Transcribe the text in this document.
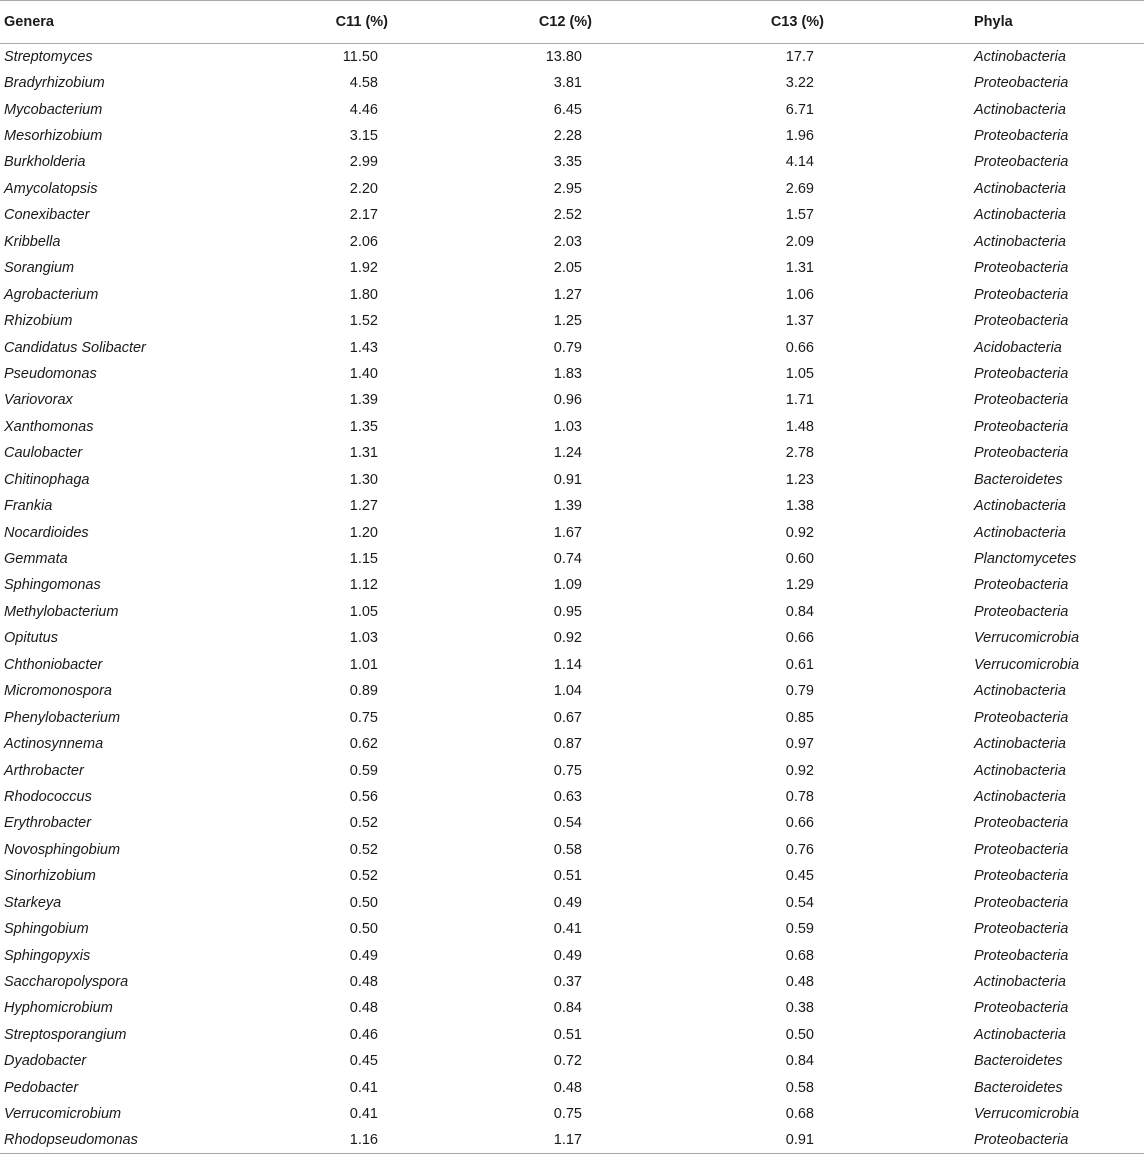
Genera	C11 (%)	C12 (%)	C13 (%)	Phyla
Streptomyces	11.50	13.80	17.7	Actinobacteria
Bradyrhizobium	4.58	3.81	3.22	Proteobacteria
Mycobacterium	4.46	6.45	6.71	Actinobacteria
Mesorhizobium	3.15	2.28	1.96	Proteobacteria
Burkholderia	2.99	3.35	4.14	Proteobacteria
Amycolatopsis	2.20	2.95	2.69	Actinobacteria
Conexibacter	2.17	2.52	1.57	Actinobacteria
Kribbella	2.06	2.03	2.09	Actinobacteria
Sorangium	1.92	2.05	1.31	Proteobacteria
Agrobacterium	1.80	1.27	1.06	Proteobacteria
Rhizobium	1.52	1.25	1.37	Proteobacteria
Candidatus Solibacter	1.43	0.79	0.66	Acidobacteria
Pseudomonas	1.40	1.83	1.05	Proteobacteria
Variovorax	1.39	0.96	1.71	Proteobacteria
Xanthomonas	1.35	1.03	1.48	Proteobacteria
Caulobacter	1.31	1.24	2.78	Proteobacteria
Chitinophaga	1.30	0.91	1.23	Bacteroidetes
Frankia	1.27	1.39	1.38	Actinobacteria
Nocardioides	1.20	1.67	0.92	Actinobacteria
Gemmata	1.15	0.74	0.60	Planctomycetes
Sphingomonas	1.12	1.09	1.29	Proteobacteria
Methylobacterium	1.05	0.95	0.84	Proteobacteria
Opitutus	1.03	0.92	0.66	Verrucomicrobia
Chthoniobacter	1.01	1.14	0.61	Verrucomicrobia
Micromonospora	0.89	1.04	0.79	Actinobacteria
Phenylobacterium	0.75	0.67	0.85	Proteobacteria
Actinosynnema	0.62	0.87	0.97	Actinobacteria
Arthrobacter	0.59	0.75	0.92	Actinobacteria
Rhodococcus	0.56	0.63	0.78	Actinobacteria
Erythrobacter	0.52	0.54	0.66	Proteobacteria
Novosphingobium	0.52	0.58	0.76	Proteobacteria
Sinorhizobium	0.52	0.51	0.45	Proteobacteria
Starkeya	0.50	0.49	0.54	Proteobacteria
Sphingobium	0.50	0.41	0.59	Proteobacteria
Sphingopyxis	0.49	0.49	0.68	Proteobacteria
Saccharopolyspora	0.48	0.37	0.48	Actinobacteria
Hyphomicrobium	0.48	0.84	0.38	Proteobacteria
Streptosporangium	0.46	0.51	0.50	Actinobacteria
Dyadobacter	0.45	0.72	0.84	Bacteroidetes
Pedobacter	0.41	0.48	0.58	Bacteroidetes
Verrucomicrobium	0.41	0.75	0.68	Verrucomicrobia
Rhodopseudomonas	1.16	1.17	0.91	Proteobacteria
